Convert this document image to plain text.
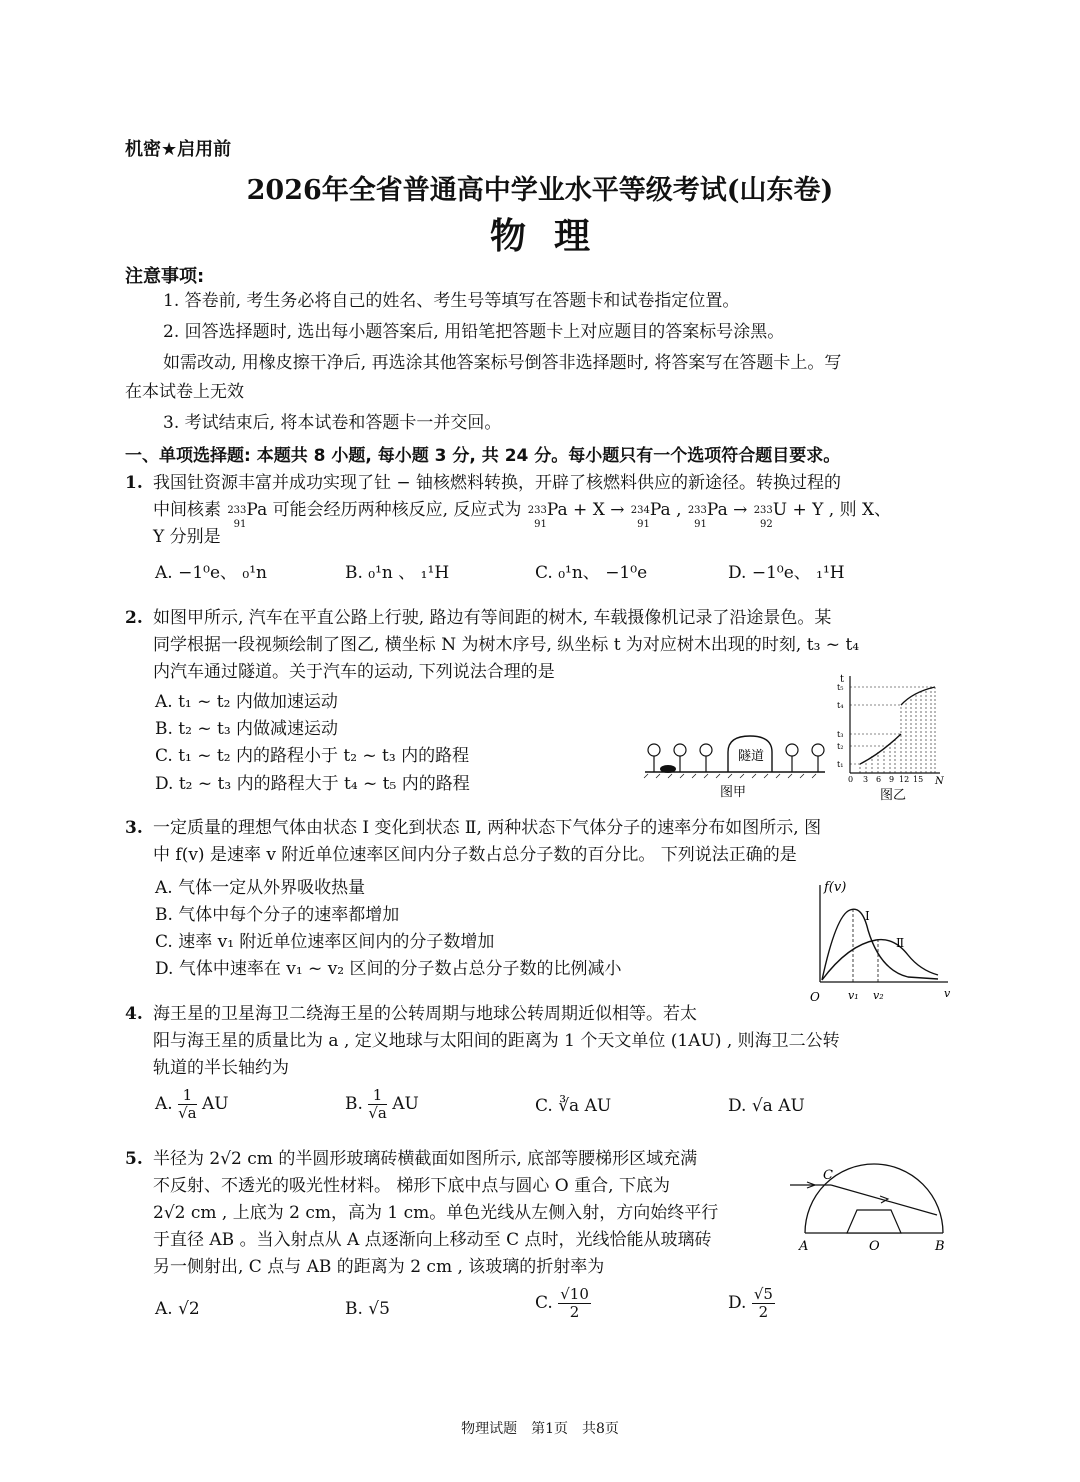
机密★启用前
2026年全省普通高中学业水平等级考试(山东卷)
物理
注意事项:
1. 答卷前, 考生务必将自己的姓名、考生号等填写在答题卡和试卷指定位置。
2. 回答选择题时, 选出每小题答案后, 用铅笔把答题卡上对应题目的答案标号涂黑。
如需改动, 用橡皮擦干净后, 再选涂其他答案标号倒答非选择题时, 将答案写在答题卡上。写
在本试卷上无效
3. 考试结束后, 将本试卷和答题卡一并交回。
一、单项选择题: 本题共 8 小题, 每小题 3 分, 共 24 分。每小题只有一个选项符合题目要求。
1. 我国钍资源丰富并成功实现了钍 − 铀核燃料转换，开辟了核燃料供应的新途径。转换过程的
中间核素 233
91
Pa 可能会经历两种核反应, 反应式为 233
91
Pa + X → 234
91
Pa , 233
91
Pa → 233
92
U + Y , 则 X、
Y 分别是
A. −1⁰e、 ₀¹n	B. ₀¹n 、 ₁¹H	C. ₀¹n、 −1⁰e	D. −1⁰e、 ₁¹H
2. 如图甲所示, 汽车在平直公路上行驶, 路边有等间距的树木, 车载摄像机记录了沿途景色。某
同学根据一段视频绘制了图乙, 横坐标 N 为树木序号, 纵坐标 t 为对应树木出现的时刻, t₃ ~ t₄
内汽车通过隧道。关于汽车的运动, 下列说法合理的是
A. t₁ ~ t₂ 内做加速运动
B. t₂ ~ t₃ 内做减速运动
C. t₁ ~ t₂ 内的路程小于 t₂ ~ t₃ 内的路程
D. t₂ ~ t₃ 内的路程大于 t₄ ~ t₅ 内的路程
隧道
图甲
t
N
t₁
t₂
t₃
t₄
t₅
0 3 6 9 12 15
图乙
3. 一定质量的理想气体由状态 Ⅰ 变化到状态 Ⅱ, 两种状态下气体分子的速率分布如图所示, 图
中 f(v) 是速率 v 附近单位速率区间内分子数占总分子数的百分比。 下列说法正确的是
A. 气体一定从外界吸收热量
B. 气体中每个分子的速率都增加
C. 速率 v₁ 附近单位速率区间内的分子数增加
D. 气体中速率在 v₁ ~ v₂ 区间的分子数占总分子数的比例减小
f(v)
v
O
Ⅰ
Ⅱ
v₁ v₂
4. 海王星的卫星海卫二绕海王星的公转周期与地球公转周期近似相等。若太
阳与海王星的质量比为 a , 定义地球与太阳间的距离为 1 个天文单位 (1AU) , 则海卫二公转
轨道的半长轴约为
A. $\frac{1}{√a}$ AU	B. $\frac{1}{√a}$ AU	C. ∛a AU	D. √a AU
5. 半径为 2√2 cm 的半圆形玻璃砖横截面如图所示, 底部等腰梯形区域充满
不反射、不透光的吸光性材料。 梯形下底中点与圆心 O 重合, 下底为
2√2 cm , 上底为 2 cm，高为 1 cm。单色光线从左侧入射，方向始终平行
于直径 AB 。当入射点从 A 点逐渐向上移动至 C 点时，光线恰能从玻璃砖
另一侧射出, C 点与 AB 的距离为 2 cm , 该玻璃的折射率为
A. √2	B. √5	C. $\frac{√10}{2}$	D. $\frac{√5}{2}$
C
A	O	B
物理试题　第1页　共8页
